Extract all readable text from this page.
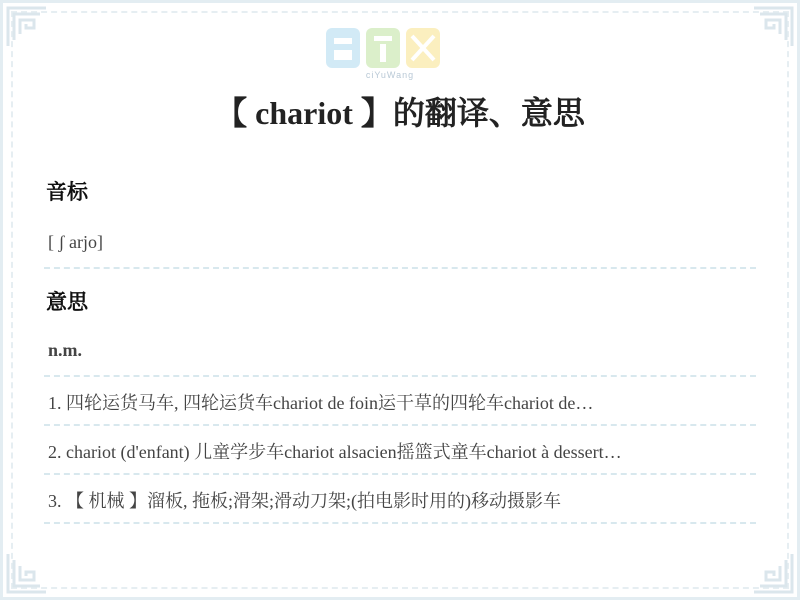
ciYuWang
【 chariot 】的翻译、意思
音标
[ ʃ arjo]
意思
n.m.
1. 四轮运货马车, 四轮运货车chariot de foin运干草的四轮车chariot de…
2. chariot (d'enfant) 儿童学步车chariot alsacien摇篮式童车chariot à dessert…
3. 【 机械 】溜板, 拖板;滑架;滑动刀架;(拍电影时用的)移动摄影车
